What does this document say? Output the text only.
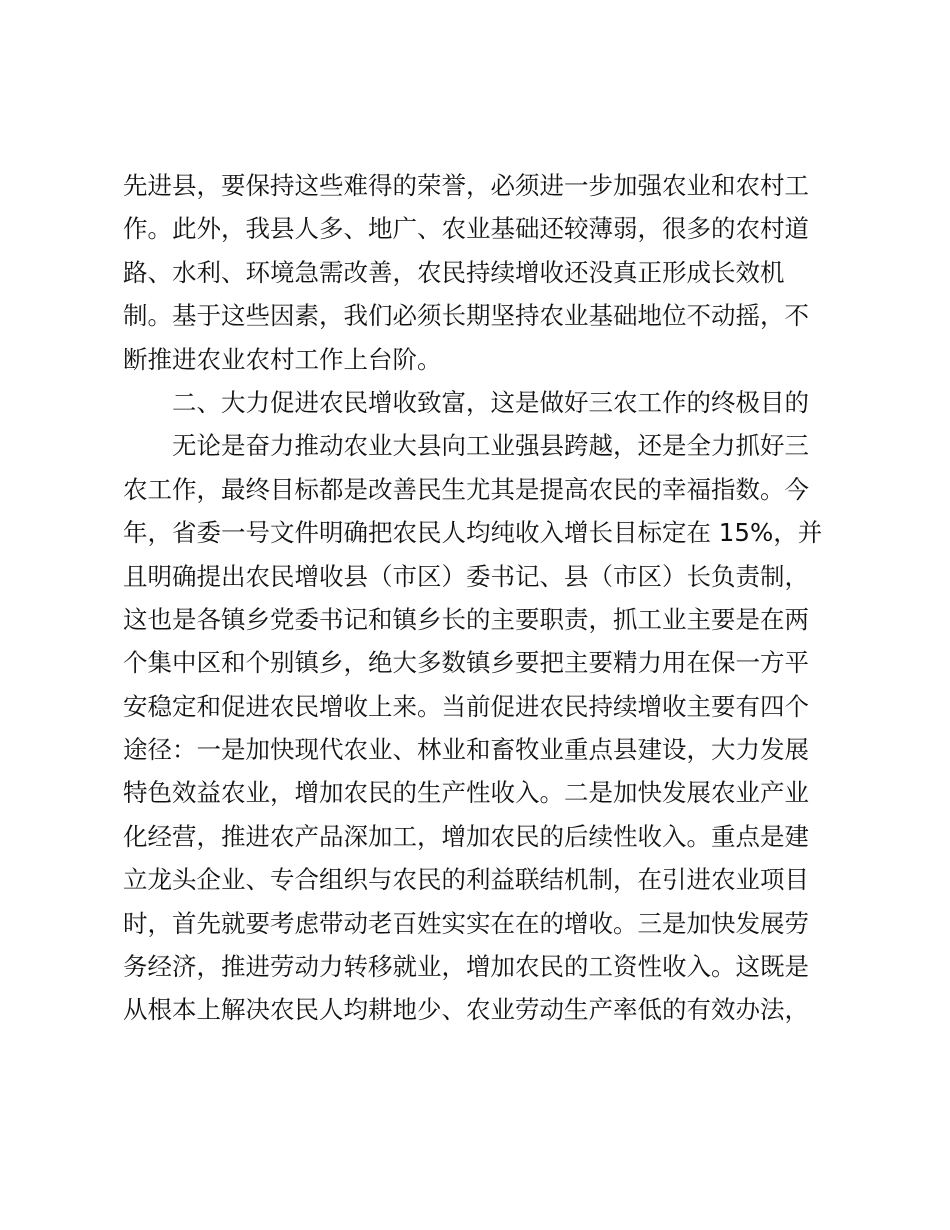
先进县，要保持这些难得的荣誉，必须进一步加强农业和农村工
作。此外，我县人多、地广、农业基础还较薄弱，很多的农村道
路、水利、环境急需改善，农民持续增收还没真正形成长效机
制。基于这些因素，我们必须长期坚持农业基础地位不动摇，不
断推进农业农村工作上台阶。
二、大力促进农民增收致富，这是做好三农工作的终极目的
无论是奋力推动农业大县向工业强县跨越，还是全力抓好三
农工作，最终目标都是改善民生尤其是提高农民的幸福指数。今
年，省委一号文件明确把农民人均纯收入增长目标定在 15%，并
且明确提出农民增收县（市区）委书记、县（市区）长负责制，
这也是各镇乡党委书记和镇乡长的主要职责，抓工业主要是在两
个集中区和个别镇乡，绝大多数镇乡要把主要精力用在保一方平
安稳定和促进农民增收上来。当前促进农民持续增收主要有四个
途径：一是加快现代农业、林业和畜牧业重点县建设，大力发展
特色效益农业，增加农民的生产性收入。二是加快发展农业产业
化经营，推进农产品深加工，增加农民的后续性收入。重点是建
立龙头企业、专合组织与农民的利益联结机制，在引进农业项目
时，首先就要考虑带动老百姓实实在在的增收。三是加快发展劳
务经济，推进劳动力转移就业，增加农民的工资性收入。这既是
从根本上解决农民人均耕地少、农业劳动生产率低的有效办法，
